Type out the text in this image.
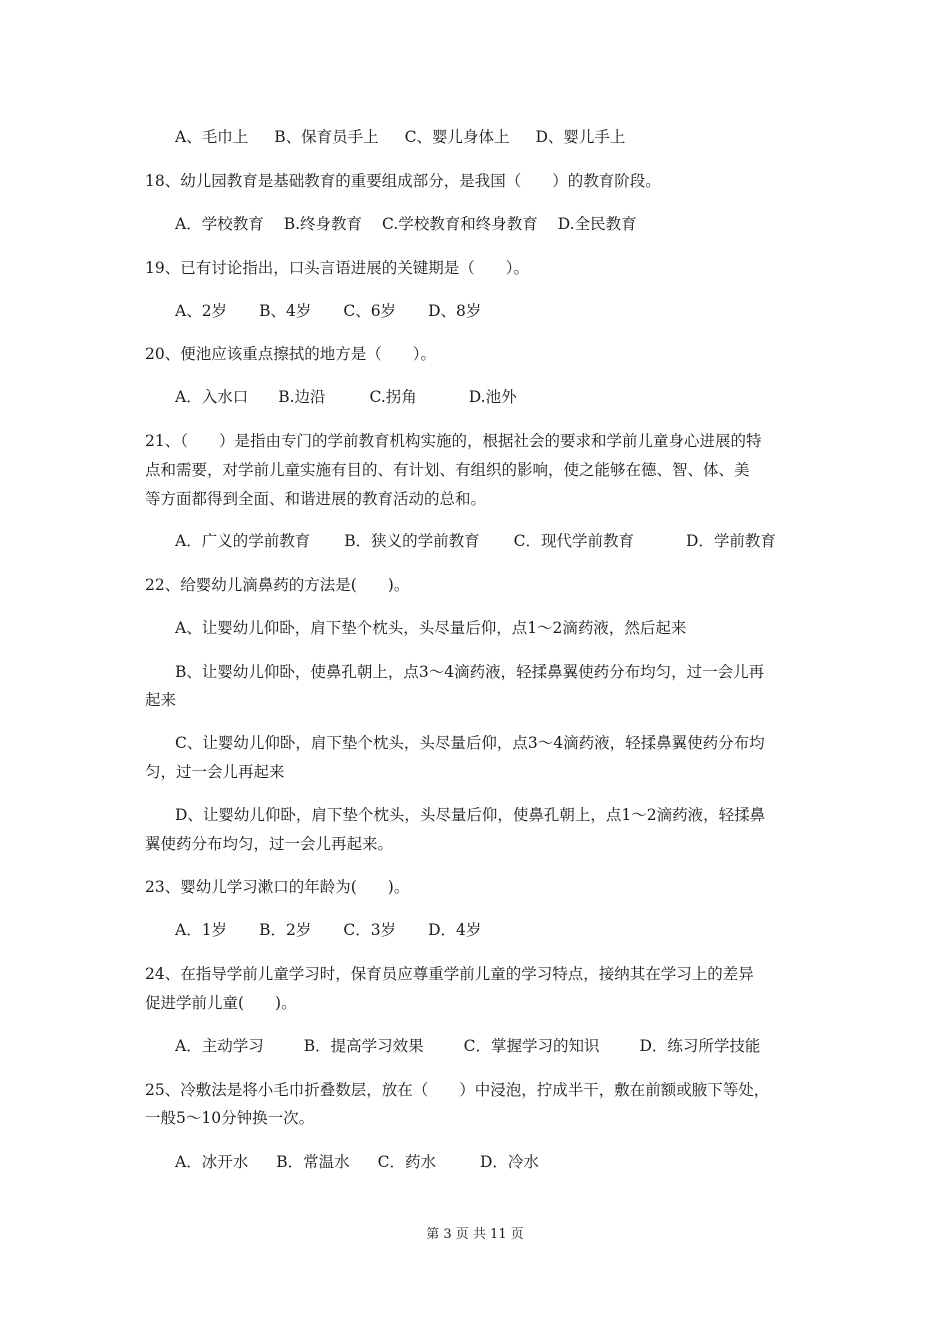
A、毛巾上 B、保育员手上 C、婴儿身体上 D、婴儿手上
18、幼儿园教育是基础教育的重要组成部分，是我国（　　）的教育阶段。
A．学校教育 B.终身教育 C.学校教育和终身教育 D.全民教育
19、已有讨论指出，口头言语进展的关键期是（　　）。
A、2岁 B、4岁 C、6岁 D、8岁
20、便池应该重点擦拭的地方是（　　）。
A．入水口 B.边沿	C.拐角	D.池外
21、（　　）是指由专门的学前教育机构实施的，根据社会的要求和学前儿童身心进展的特
点和需要，对学前儿童实施有目的、有计划、有组织的影响，使之能够在德、智、体、美
等方面都得到全面、和谐进展的教育活动的总和。
A．广义的学前教育 B．狭义的学前教育 C．现代学前教育	D．学前教育
22、给婴幼儿滴鼻药的方法是(　　)。
A、让婴幼儿仰卧，肩下垫个枕头，头尽量后仰，点1～2滴药液，然后起来
B、让婴幼儿仰卧，使鼻孔朝上，点3～4滴药液，轻揉鼻翼使药分布均匀，过一会儿再
起来
C、让婴幼儿仰卧，肩下垫个枕头，头尽量后仰，点3～4滴药液，轻揉鼻翼使药分布均
匀，过一会儿再起来
D、让婴幼儿仰卧，肩下垫个枕头，头尽量后仰，使鼻孔朝上，点1～2滴药液，轻揉鼻
翼使药分布均匀，过一会儿再起来。
23、婴幼儿学习漱口的年龄为(　　)。
A．1岁 B．2岁 C．3岁 D．4岁
24、在指导学前儿童学习时，保育员应尊重学前儿童的学习特点，接纳其在学习上的差异
促进学前儿童(　　)。
A．主动学习	B．提高学习效果	C．掌握学习的知识	D．练习所学技能
25、冷敷法是将小毛巾折叠数层，放在（　　）中浸泡，拧成半干，敷在前额或腋下等处，
一般5～10分钟换一次。
A．冰开水 B．常温水 C．药水	D．冷水
第 3 页 共 11 页
